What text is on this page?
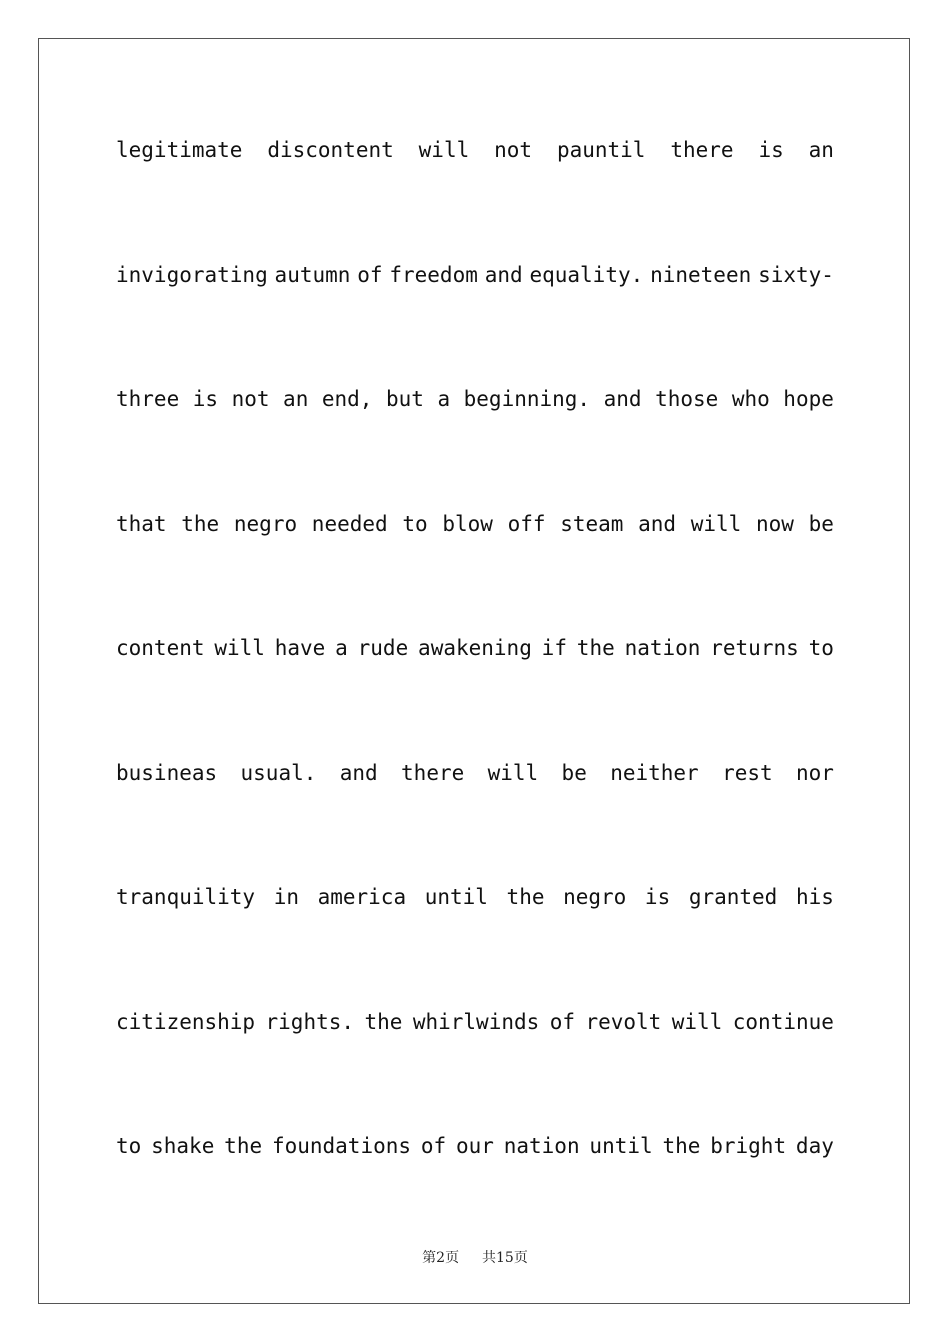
legitimate discontent will not pauntil there is an
invigorating autumn of freedom and equality. nineteen sixty-
three is not an end, but a beginning. and those who hope
that the negro needed to blow off steam and will now be
content will have a rude awakening if the nation returns to
busineas usual. and there will be neither rest nor
tranquility in america until the negro is granted his
citizenship rights. the whirlwinds of revolt will continue
to shake the foundations of our nation until the bright day
第2页 共15页
